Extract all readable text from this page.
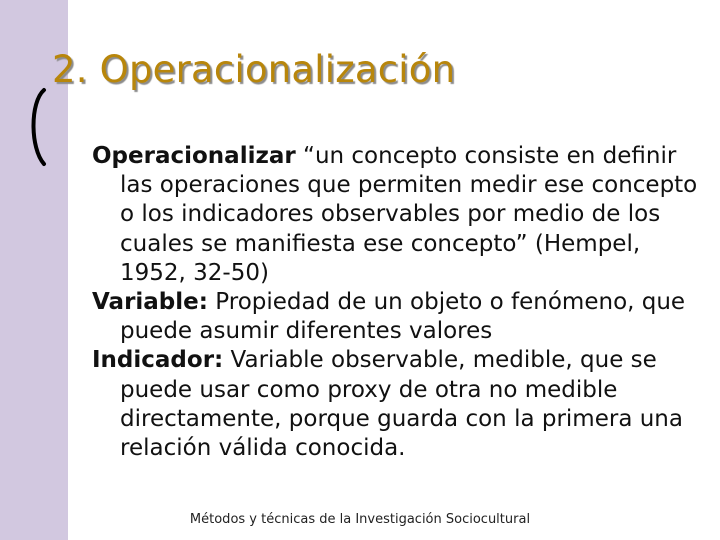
2. Operacionalización

Operacionalizar “un concepto consiste en definir las operaciones que permiten medir ese concepto o los indicadores observables por medio de los cuales se manifiesta ese concepto” (Hempel, 1952, 32-50)

Variable: Propiedad de un objeto o fenómeno, que puede asumir diferentes valores

Indicador: Variable observable, medible, que se puede usar como proxy de otra no medible directamente, porque guarda con la primera una relación válida conocida.

Métodos y técnicas de la Investigación Sociocultural
